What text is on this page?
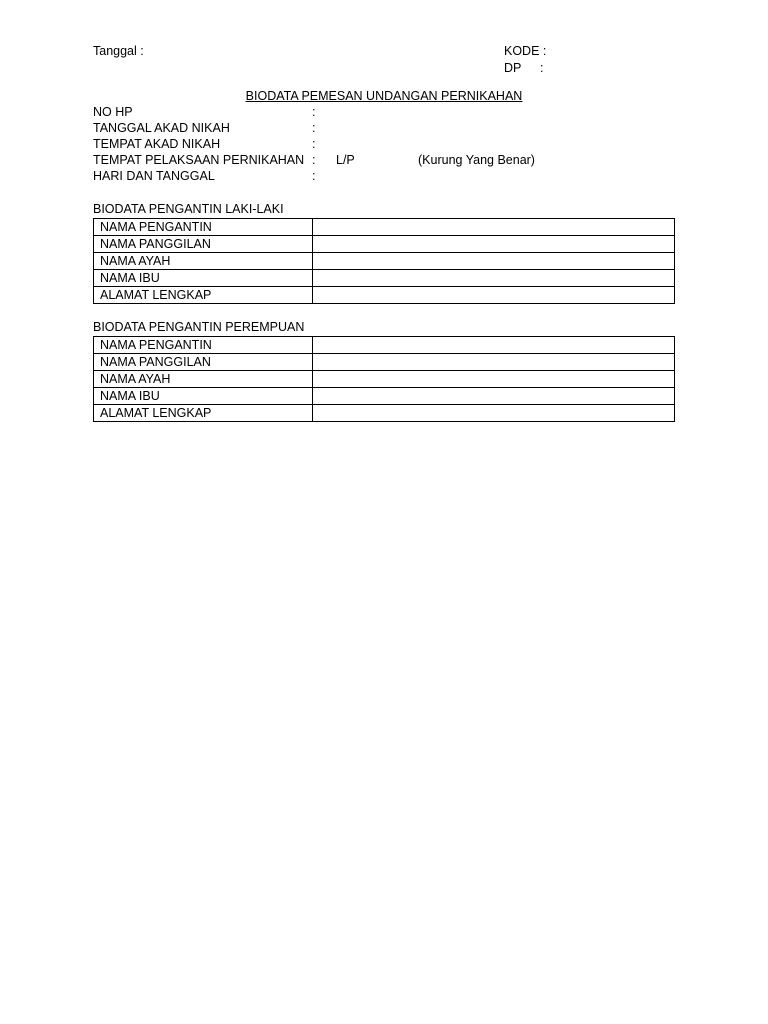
Tanggal :	KODE :
DP :
BIODATA PEMESAN UNDANGAN PERNIKAHAN
NO HP	:
TANGGAL AKAD NIKAH	:
TEMPAT AKAD NIKAH	:
TEMPAT PELAKSAAN PERNIKAHAN : L/P	(Kurung Yang Benar)
HARI DAN TANGGAL	:
BIODATA PENGANTIN LAKI-LAKI
NAMA PENGANTIN	
NAMA PANGGILAN	
NAMA AYAH	
NAMA IBU	
ALAMAT LENGKAP	
BIODATA PENGANTIN PEREMPUAN
NAMA PENGANTIN	
NAMA PANGGILAN	
NAMA AYAH	
NAMA IBU	
ALAMAT LENGKAP	
